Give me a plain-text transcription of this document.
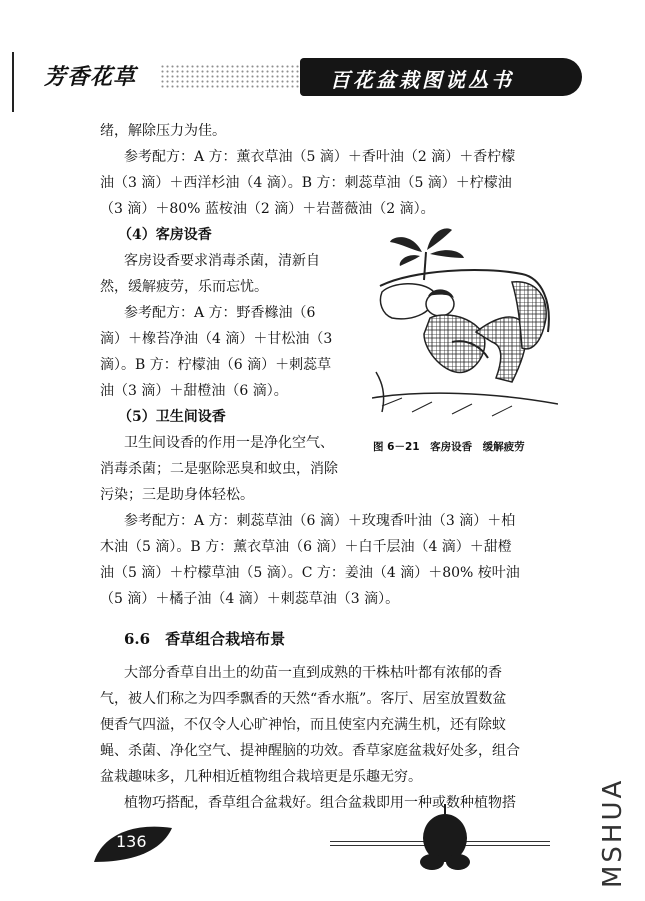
芳香花草	百花盆栽图说丛书
绪，解除压力为佳。
参考配方：A 方：薰衣草油（5 滴）＋香叶油（2 滴）＋香柠檬
油（3 滴）＋西洋杉油（4 滴）。B 方：刺蕊草油（5 滴）＋柠檬油
（3 滴）＋80% 蓝桉油（2 滴）＋岩蔷薇油（2 滴）。
（4）客房设香
客房设香要求消毒杀菌，清新自
然，缓解疲劳，乐而忘忧。
参考配方：A 方：野香橼油（6
滴）＋橡苔净油（4 滴）＋甘松油（3
滴）。B 方：柠檬油（6 滴）＋刺蕊草
油（3 滴）＋甜橙油（6 滴）。
（5）卫生间设香
卫生间设香的作用一是净化空气、
消毒杀菌；二是驱除恶臭和蚊虫，消除
污染；三是助身体轻松。
参考配方：A 方：刺蕊草油（6 滴）＋玫瑰香叶油（3 滴）＋柏
木油（5 滴）。B 方：薰衣草油（6 滴）＋白千层油（4 滴）＋甜橙
油（5 滴）＋柠檬草油（5 滴）。C 方：姜油（4 滴）＋80% 桉叶油
（5 滴）＋橘子油（4 滴）＋刺蕊草油（3 滴）。
6.6　香草组合栽培布景
大部分香草自出土的幼苗一直到成熟的干株枯叶都有浓郁的香
气，被人们称之为四季飘香的天然“香水瓶”。客厅、居室放置数盆
便香气四溢，不仅令人心旷神怡，而且使室内充满生机，还有除蚊
蝇、杀菌、净化空气、提神醒脑的功效。香草家庭盆栽好处多，组合
盆栽趣味多，几种相近植物组合栽培更是乐趣无穷。
植物巧搭配，香草组合盆栽好。组合盆栽即用一种或数种植物搭
图 6－21　客房设香　缓解疲劳
136	MSHUA
